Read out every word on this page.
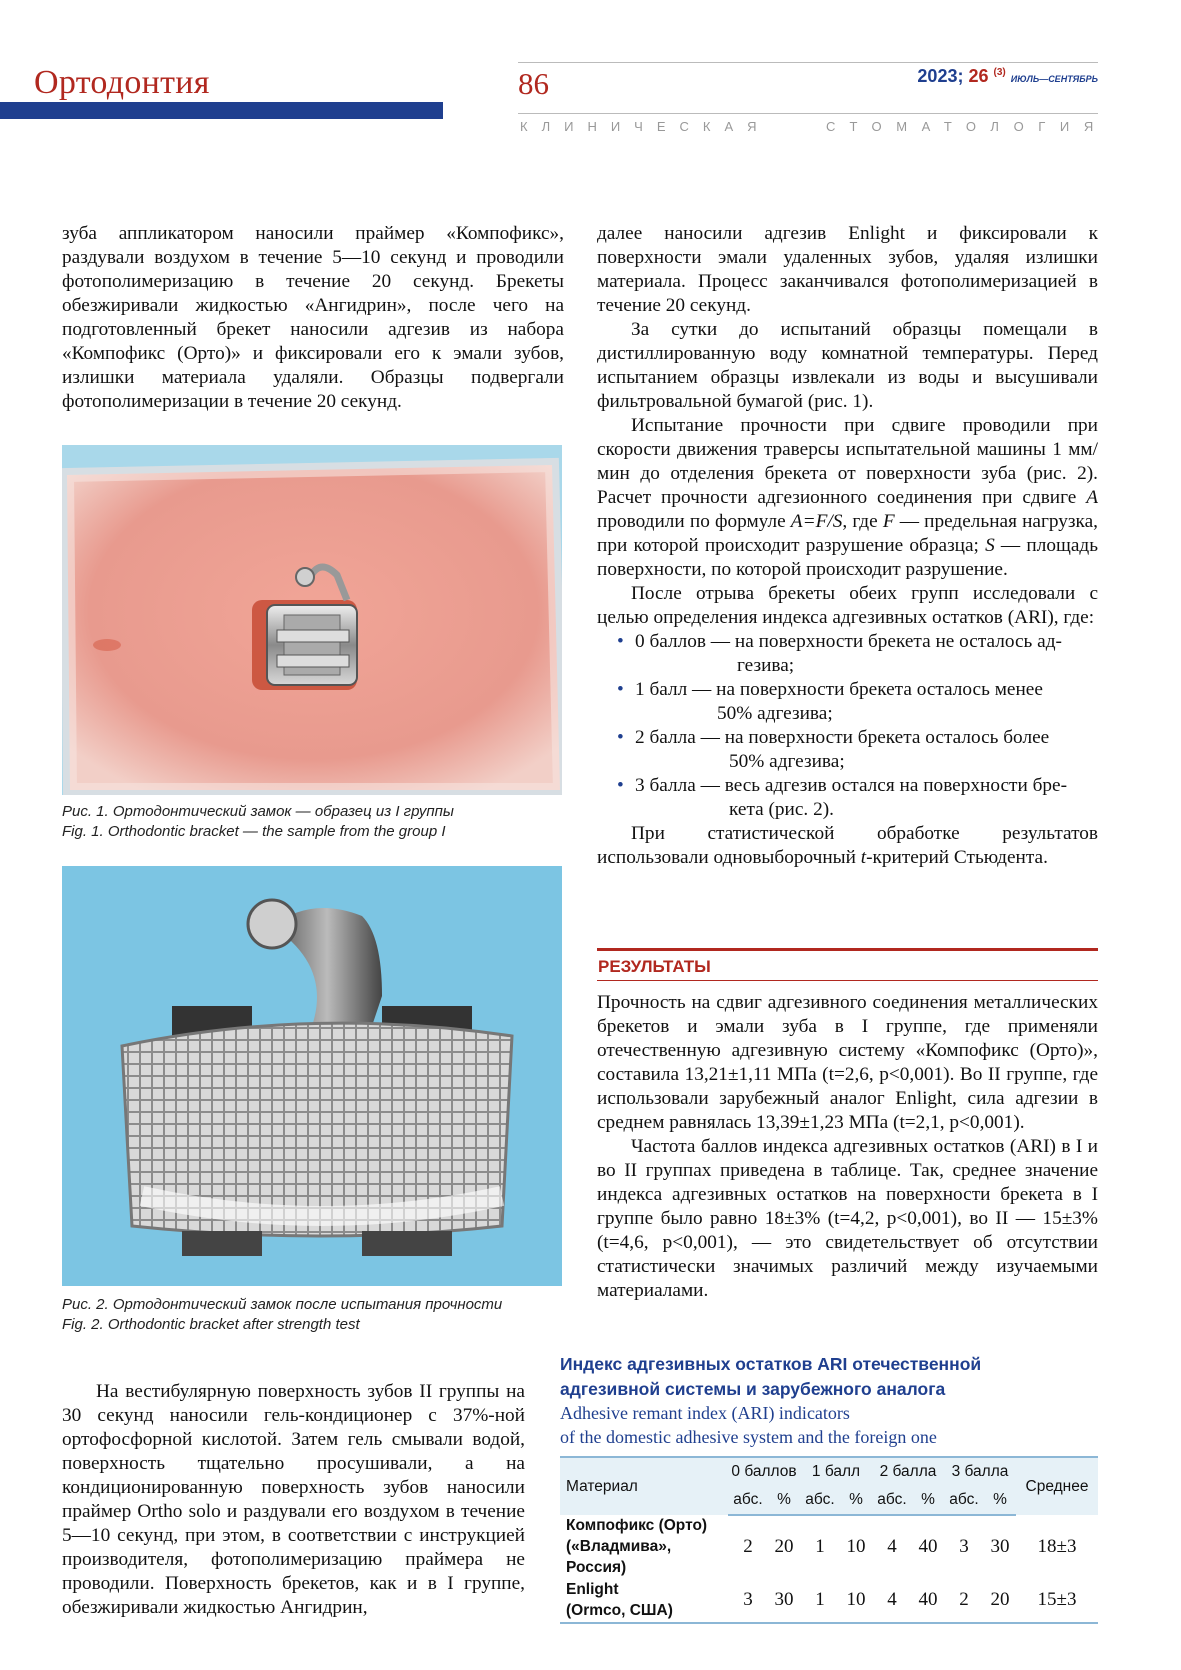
Ортодонтия	86	2023; 26 $^{(3)}$ ИЮЛЬ—СЕНТЯБРЬ
КЛИНИЧЕСКАЯ	СТОМАТОЛОГИЯ

зуба аппликатором наносили праймер «Компофикс», раздували воздухом в течение 5—10 секунд и проводили фотополимеризацию в течение 20 секунд. Брекеты обезжиривали жидкостью «Ангидрин», после чего на подготовленный брекет наносили адгезив из набора «Компофикс (Орто)» и фиксировали его к эмали зубов, излишки материала удаляли. Образцы подвергали фотополимеризации в течение 20 секунд.

Рис. 1. Ортодонтический замок — образец из I группы
Fig. 1. Orthodontic bracket — the sample from the group I
Рис. 2. Ортодонтический замок после испытания прочности
Fig. 2. Orthodontic bracket after strength test

На вестибулярную поверхность зубов II группы на 30 секунд наносили гель-кондиционер с 37%-ной ортофосфорной кислотой. Затем гель смывали водой, поверхность тщательно просушивали, а на кондиционированную поверхность зубов наносили праймер Ortho solo и раздували его воздухом в течение 5—10 секунд, при этом, в соответствии с инструкцией производителя, фотополимеризацию праймера не проводили. Поверхность брекетов, как и в I группе, обезжиривали жидкостью Ангидрин,

далее наносили адгезив Enlight и фиксировали к поверхности эмали удаленных зубов, удаляя излишки материала. Процесс заканчивался фотополимеризацией в течение 20 секунд.

За сутки до испытаний образцы помещали в дистиллированную воду комнатной температуры. Перед испытанием образцы извлекали из воды и высушивали фильтровальной бумагой (рис. 1).

Испытание прочности при сдвиге проводили при скорости движения траверсы испытательной машины 1 мм/мин до отделения брекета от поверхности зуба (рис. 2). Расчет прочности адгезионного соединения при сдвиге A проводили по формуле A=F/S, где F — предельная нагрузка, при которой происходит разрушение образца; S — площадь поверхности, по которой происходит разрушение.

После отрыва брекеты обеих групп исследовали с целью определения индекса адгезивных остатков (ARI), где:

• 0 баллов — на поверхности брекета не осталось ад-
гезива;

• 1 балл — на поверхности брекета осталось менее
50% адгезива;

• 2 балла — на поверхности брекета осталось более
50% адгезива;

• 3 балла — весь адгезив остался на поверхности бре-
кета (рис. 2).

При статистической обработке результатов использовали одновыборочный t-критерий Стьюдента.

РЕЗУЛЬТАТЫ

Прочность на сдвиг адгезивного соединения металлических брекетов и эмали зуба в I группе, где применяли отечественную адгезивную систему «Компофикс (Орто)», составила 13,21±1,11 МПа (t=2,6, p<0,001). Во II группе, где использовали зарубежный аналог Enlight, сила адгезии в среднем равнялась 13,39±1,23 МПа (t=2,1, p<0,001).

Частота баллов индекса адгезивных остатков (ARI) в I и во II группах приведена в таблице. Так, среднее значение индекса адгезивных остатков на поверхности брекета в I группе было равно 18±3% (t=4,2, p<0,001), во II — 15±3% (t=4,6, p<0,001), — это свидетельствует об отсутствии статистически значимых различий между изучаемыми материалами.

Индекс адгезивных остатков ARI отечественной
адгезивной системы и зарубежного аналога
Adhesive remant index (ARI) indicators
of the domestic adhesive system and the foreign one
Материал	0 баллов		1 балл		2 балла		3 балла		Среднее
	абс.	%	абс.	%	абс.	%	абс.	%	

Компофикс (Орто)
(«Владмива», Россия)	2	20	1	10	4	40	3	30	18±3

Enlight
(Ormco, США)	3	30	1	10	4	40	2	20	15±3
